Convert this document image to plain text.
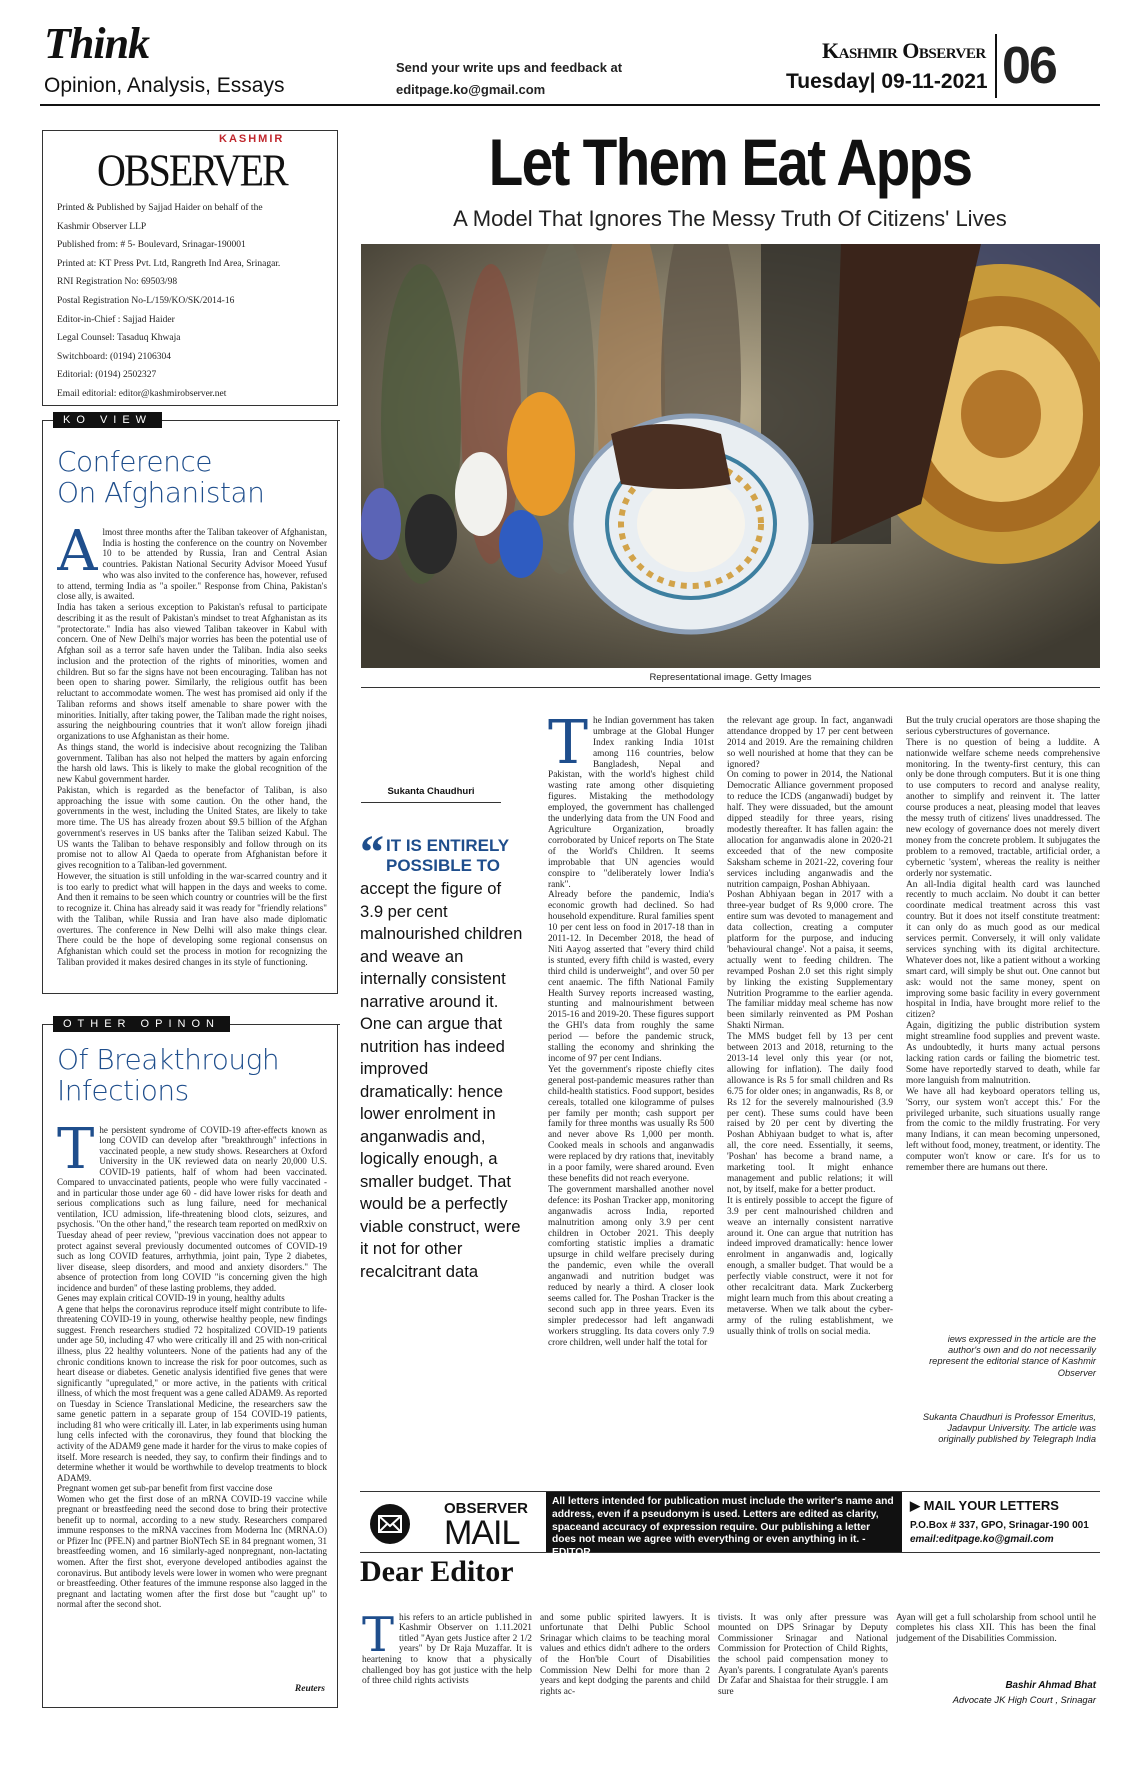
Think
Opinion, Analysis, Essays
Send your write ups and feedback at
editpage.ko@gmail.com
Kashmir Observer
Tuesday| 09-11-2021 06
KASHMIR
OBSERVER
Printed & Published by Sajjad Haider on behalf of the
Kashmir Observer LLP
Published from: # 5- Boulevard, Srinagar-190001
Printed at: KT Press Pvt. Ltd, Rangreth Ind Area, Srinagar.
RNI Registration No: 69503/98
Postal Registration No-L/159/KO/SK/2014-16
Editor-in-Chief : Sajjad Haider
Legal Counsel: Tasaduq Khwaja
Switchboard: (0194) 2106304
Editorial: (0194) 2502327
Email editorial: editor@kashmirobserver.net
KO VIEW
Conference
On Afghanistan

Almost three months after the Taliban takeover of Afghanistan, India is hosting the conference on the country on November 10 to be attended by Russia, Iran and Central Asian countries. Pakistan National Security Advisor Moeed Yusuf who was also invited to the conference has, however, refused to attend, terming India as "a spoiler." Response from China, Pakistan's close ally, is awaited.
India has taken a serious exception to Pakistan's refusal to participate describing it as the result of Pakistan's mindset to treat Afghanistan as its "protectorate." India has also viewed Taliban takeover in Kabul with concern. One of New Delhi's major worries has been the potential use of Afghan soil as a terror safe haven under the Taliban. India also seeks inclusion and the protection of the rights of minorities, women and children. But so far the signs have not been encouraging. Taliban has not been open to sharing power. Similarly, the religious outfit has been reluctant to accommodate women. The west has promised aid only if the Taliban reforms and shows itself amenable to share power with the minorities. Initially, after taking power, the Taliban made the right noises, assuring the neighbouring countries that it won't allow foreign jihadi organizations to use Afghanistan as their home.
As things stand, the world is indecisive about recognizing the Taliban government. Taliban has also not helped the matters by again enforcing the harsh old laws. This is likely to make the global recognition of the new Kabul government harder.
Pakistan, which is regarded as the benefactor of Taliban, is also approaching the issue with some caution. On the other hand, the governments in the west, including the United States, are likely to take more time. The US has already frozen about $9.5 billion of the Afghan government's reserves in US banks after the Taliban seized Kabul. The US wants the Taliban to behave responsibly and follow through on its promise not to allow Al Qaeda to operate from Afghanistan before it gives recognition to a Taliban-led government.
However, the situation is still unfolding in the war-scarred country and it is too early to predict what will happen in the days and weeks to come. And then it remains to be seen which country or countries will be the first to recognize it. China has already said it was ready for "friendly relations" with the Taliban, while Russia and Iran have also made diplomatic overtures. The conference in New Delhi will also make things clear. There could be the hope of developing some regional consensus on Afghanistan which could set the process in motion for recognizing the Taliban provided it makes desired changes in its style of functioning.

OTHER OPINON
Of Breakthrough
Infections

The persistent syndrome of COVID-19 after-effects known as long COVID can develop after "breakthrough" infections in vaccinated people, a new study shows. Researchers at Oxford University in the UK reviewed data on nearly 20,000 U.S. COVID-19 patients, half of whom had been vaccinated. Compared to unvaccinated patients, people who were fully vaccinated - and in particular those under age 60 - did have lower risks for death and serious complications such as lung failure, need for mechanical ventilation, ICU admission, life-threatening blood clots, seizures, and psychosis. "On the other hand," the research team reported on medRxiv on Tuesday ahead of peer review, "previous vaccination does not appear to protect against several previously documented outcomes of COVID-19 such as long COVID features, arrhythmia, joint pain, Type 2 diabetes, liver disease, sleep disorders, and mood and anxiety disorders." The absence of protection from long COVID "is concerning given the high incidence and burden" of these lasting problems, they added.
Genes may explain critical COVID-19 in young, healthy adults
A gene that helps the coronavirus reproduce itself might contribute to life-threatening COVID-19 in young, otherwise healthy people, new findings suggest. French researchers studied 72 hospitalized COVID-19 patients under age 50, including 47 who were critically ill and 25 with non-critical illness, plus 22 healthy volunteers. None of the patients had any of the chronic conditions known to increase the risk for poor outcomes, such as heart disease or diabetes. Genetic analysis identified five genes that were significantly "upregulated," or more active, in the patients with critical illness, of which the most frequent was a gene called ADAM9. As reported on Tuesday in Science Translational Medicine, the researchers saw the same genetic pattern in a separate group of 154 COVID-19 patients, including 81 who were critically ill. Later, in lab experiments using human lung cells infected with the coronavirus, they found that blocking the activity of the ADAM9 gene made it harder for the virus to make copies of itself. More research is needed, they say, to confirm their findings and to determine whether it would be worthwhile to develop treatments to block ADAM9.
Pregnant women get sub-par benefit from first vaccine dose
Women who get the first dose of an mRNA COVID-19 vaccine while pregnant or breastfeeding need the second dose to bring their protective benefit up to normal, according to a new study. Researchers compared immune responses to the mRNA vaccines from Moderna Inc (MRNA.O) or Pfizer Inc (PFE.N) and partner BioNTech SE in 84 pregnant women, 31 breastfeeding women, and 16 similarly-aged nonpregnant, non-lactating women. After the first shot, everyone developed antibodies against the coronavirus. But antibody levels were lower in women who were pregnant or breastfeeding. Other features of the immune response also lagged in the pregnant and lactating women after the first dose but "caught up" to normal after the second shot.

Reuters
Let Them Eat Apps
A Model That Ignores The Messy Truth Of Citizens' Lives
Representational image. Getty Images
Sukanta Chaudhuri
“ IT IS ENTIRELY POSSIBLE TO
accept the figure of 3.9 per cent malnourished children and weave an internally consistent narrative around it. One can argue that nutrition has indeed improved dramatically: hence lower enrolment in anganwadis and, logically enough, a smaller budget. That would be a perfectly viable construct, were it not for other recalcitrant data

The Indian government has taken umbrage at the Global Hunger Index ranking India 101st among 116 countries, below Bangladesh, Nepal and Pakistan, with the world's highest child wasting rate among other disquieting figures. Mistaking the methodology employed, the government has challenged the underlying data from the UN Food and Agriculture Organization, broadly corroborated by Unicef reports on The State of the World's Children. It seems improbable that UN agencies would conspire to "deliberately lower India's rank".
Already before the pandemic, India's economic growth had declined. So had household expenditure. Rural families spent 10 per cent less on food in 2017-18 than in 2011-12. In December 2018, the head of Niti Aayog asserted that "every third child is stunted, every fifth child is wasted, every third child is underweight", and over 50 per cent anaemic. The fifth National Family Health Survey reports increased wasting, stunting and malnourishment between 2015-16 and 2019-20. These figures support the GHI's data from roughly the same period — before the pandemic struck, stalling the economy and shrinking the income of 97 per cent Indians.
Yet the government's riposte chiefly cites general post-pandemic measures rather than child-health statistics. Food support, besides cereals, totalled one kilogramme of pulses per family per month; cash support per family for three months was usually Rs 500 and never above Rs 1,000 per month. Cooked meals in schools and anganwadis were replaced by dry rations that, inevitably in a poor family, were shared around. Even these benefits did not reach everyone.
The government marshalled another novel defence: its Poshan Tracker app, monitoring anganwadis across India, reported malnutrition among only 3.9 per cent children in October 2021. This deeply comforting statistic implies a dramatic upsurge in child welfare precisely during the pandemic, even while the overall anganwadi and nutrition budget was reduced by nearly a third. A closer look seems called for. The Poshan Tracker is the second such app in three years. Even its simpler predecessor had left anganwadi workers struggling. Its data covers only 7.9 crore children, well under half the total for

the relevant age group. In fact, anganwadi attendance dropped by 17 per cent between 2014 and 2019. Are the remaining children so well nourished at home that they can be ignored?
On coming to power in 2014, the National Democratic Alliance government proposed to reduce the ICDS (anganwadi) budget by half. They were dissuaded, but the amount dipped steadily for three years, rising modestly thereafter. It has fallen again: the allocation for anganwadis alone in 2020-21 exceeded that of the new composite Saksham scheme in 2021-22, covering four services including anganwadis and the nutrition campaign, Poshan Abhiyaan.
Poshan Abhiyaan began in 2017 with a three-year budget of Rs 9,000 crore. The entire sum was devoted to management and data collection, creating a computer platform for the purpose, and inducing 'behavioural change'. Not a paisa, it seems, actually went to feeding children. The revamped Poshan 2.0 set this right simply by linking the existing Supplementary Nutrition Programme to the earlier agenda. The familiar midday meal scheme has now been similarly reinvented as PM Poshan Shakti Nirman.
The MMS budget fell by 13 per cent between 2013 and 2018, returning to the 2013-14 level only this year (or not, allowing for inflation). The daily food allowance is Rs 5 for small children and Rs 6.75 for older ones; in anganwadis, Rs 8, or Rs 12 for the severely malnourished (3.9 per cent). These sums could have been raised by 20 per cent by diverting the Poshan Abhiyaan budget to what is, after all, the core need. Essentially, it seems, 'Poshan' has become a brand name, a marketing tool. It might enhance management and public relations; it will not, by itself, make for a better product.
It is entirely possible to accept the figure of 3.9 per cent malnourished children and weave an internally consistent narrative around it. One can argue that nutrition has indeed improved dramatically: hence lower enrolment in anganwadis and, logically enough, a smaller budget. That would be a perfectly viable construct, were it not for other recalcitrant data. Mark Zuckerberg might learn much from this about creating a metaverse. When we talk about the cyber-army of the ruling establishment, we usually think of trolls on social media.

But the truly crucial operators are those shaping the serious cyberstructures of governance.
There is no question of being a luddite. A nationwide welfare scheme needs comprehensive monitoring. In the twenty-first century, this can only be done through computers. But it is one thing to use computers to record and analyse reality, another to simplify and reinvent it. The latter course produces a neat, pleasing model that leaves the messy truth of citizens' lives unaddressed. The new ecology of governance does not merely divert money from the concrete problem. It subjugates the problem to a removed, tractable, artificial order, a cybernetic 'system', whereas the reality is neither orderly nor systematic.
An all-India digital health card was launched recently to much acclaim. No doubt it can better coordinate medical treatment across this vast country. But it does not itself constitute treatment: it can only do as much good as our medical services permit. Conversely, it will only validate services synching with its digital architecture. Whatever does not, like a patient without a working smart card, will simply be shut out. One cannot but ask: would not the same money, spent on improving some basic facility in every government hospital in India, have brought more relief to the citizen?
Again, digitizing the public distribution system might streamline food supplies and prevent waste. As undoubtedly, it hurts many actual persons lacking ration cards or failing the biometric test. Some have reportedly starved to death, while far more languish from malnutrition.
We have all had keyboard operators telling us, 'Sorry, our system won't accept this.' For the privileged urbanite, such situations usually range from the comic to the mildly frustrating. For very many Indians, it can mean becoming unpersoned, left without food, money, treatment, or identity. The computer won't know or care. It's for us to remember there are humans out there.

iews expressed in the article are the author's own and do not necessarily represent the editorial stance of Kashmir Observer
Sukanta Chaudhuri is Professor Emeritus, Jadavpur University. The article was originally published by Telegraph India
OBSERVER
MAIL
All letters intended for publication must include the writer's name and address, even if a pseudonym is used. Letters are edited as clarity, spaceand accuracy of expression require. Our publishing a letter does not mean we agree with everything or even anything in it. -EDITOR
▶ MAIL YOUR LETTERS
P.O.Box # 337, GPO, Srinagar-190 001
email:editpage.ko@gmail.com
Dear Editor

This refers to an article published in Kashmir Observer on 1.11.2021 titled "Ayan gets Justice after 2 1/2 years" by Dr Raja Muzaffar. It is heartening to know that a physically challenged boy has got justice with the help of three child rights activists

and some public spirited lawyers. It is unfortunate that Delhi Public School Srinagar which claims to be teaching moral values and ethics didn't adhere to the orders of the Hon'ble Court of Disabilities Commission New Delhi for more than 2 years and kept dodging the parents and child rights ac-

tivists. It was only after pressure was mounted on DPS Srinagar by Deputy Commissioner Srinagar and National Commission for Protection of Child Rights, the school paid compensation money to Ayan's parents. I congratulate Ayan's parents Dr Zafar and Shaistaa for their struggle. I am sure

Ayan will get a full scholarship from school until he completes his class XII. This has been the final judgement of the Disabilities Commission.

Bashir Ahmad Bhat
Advocate JK High Court , Srinagar
